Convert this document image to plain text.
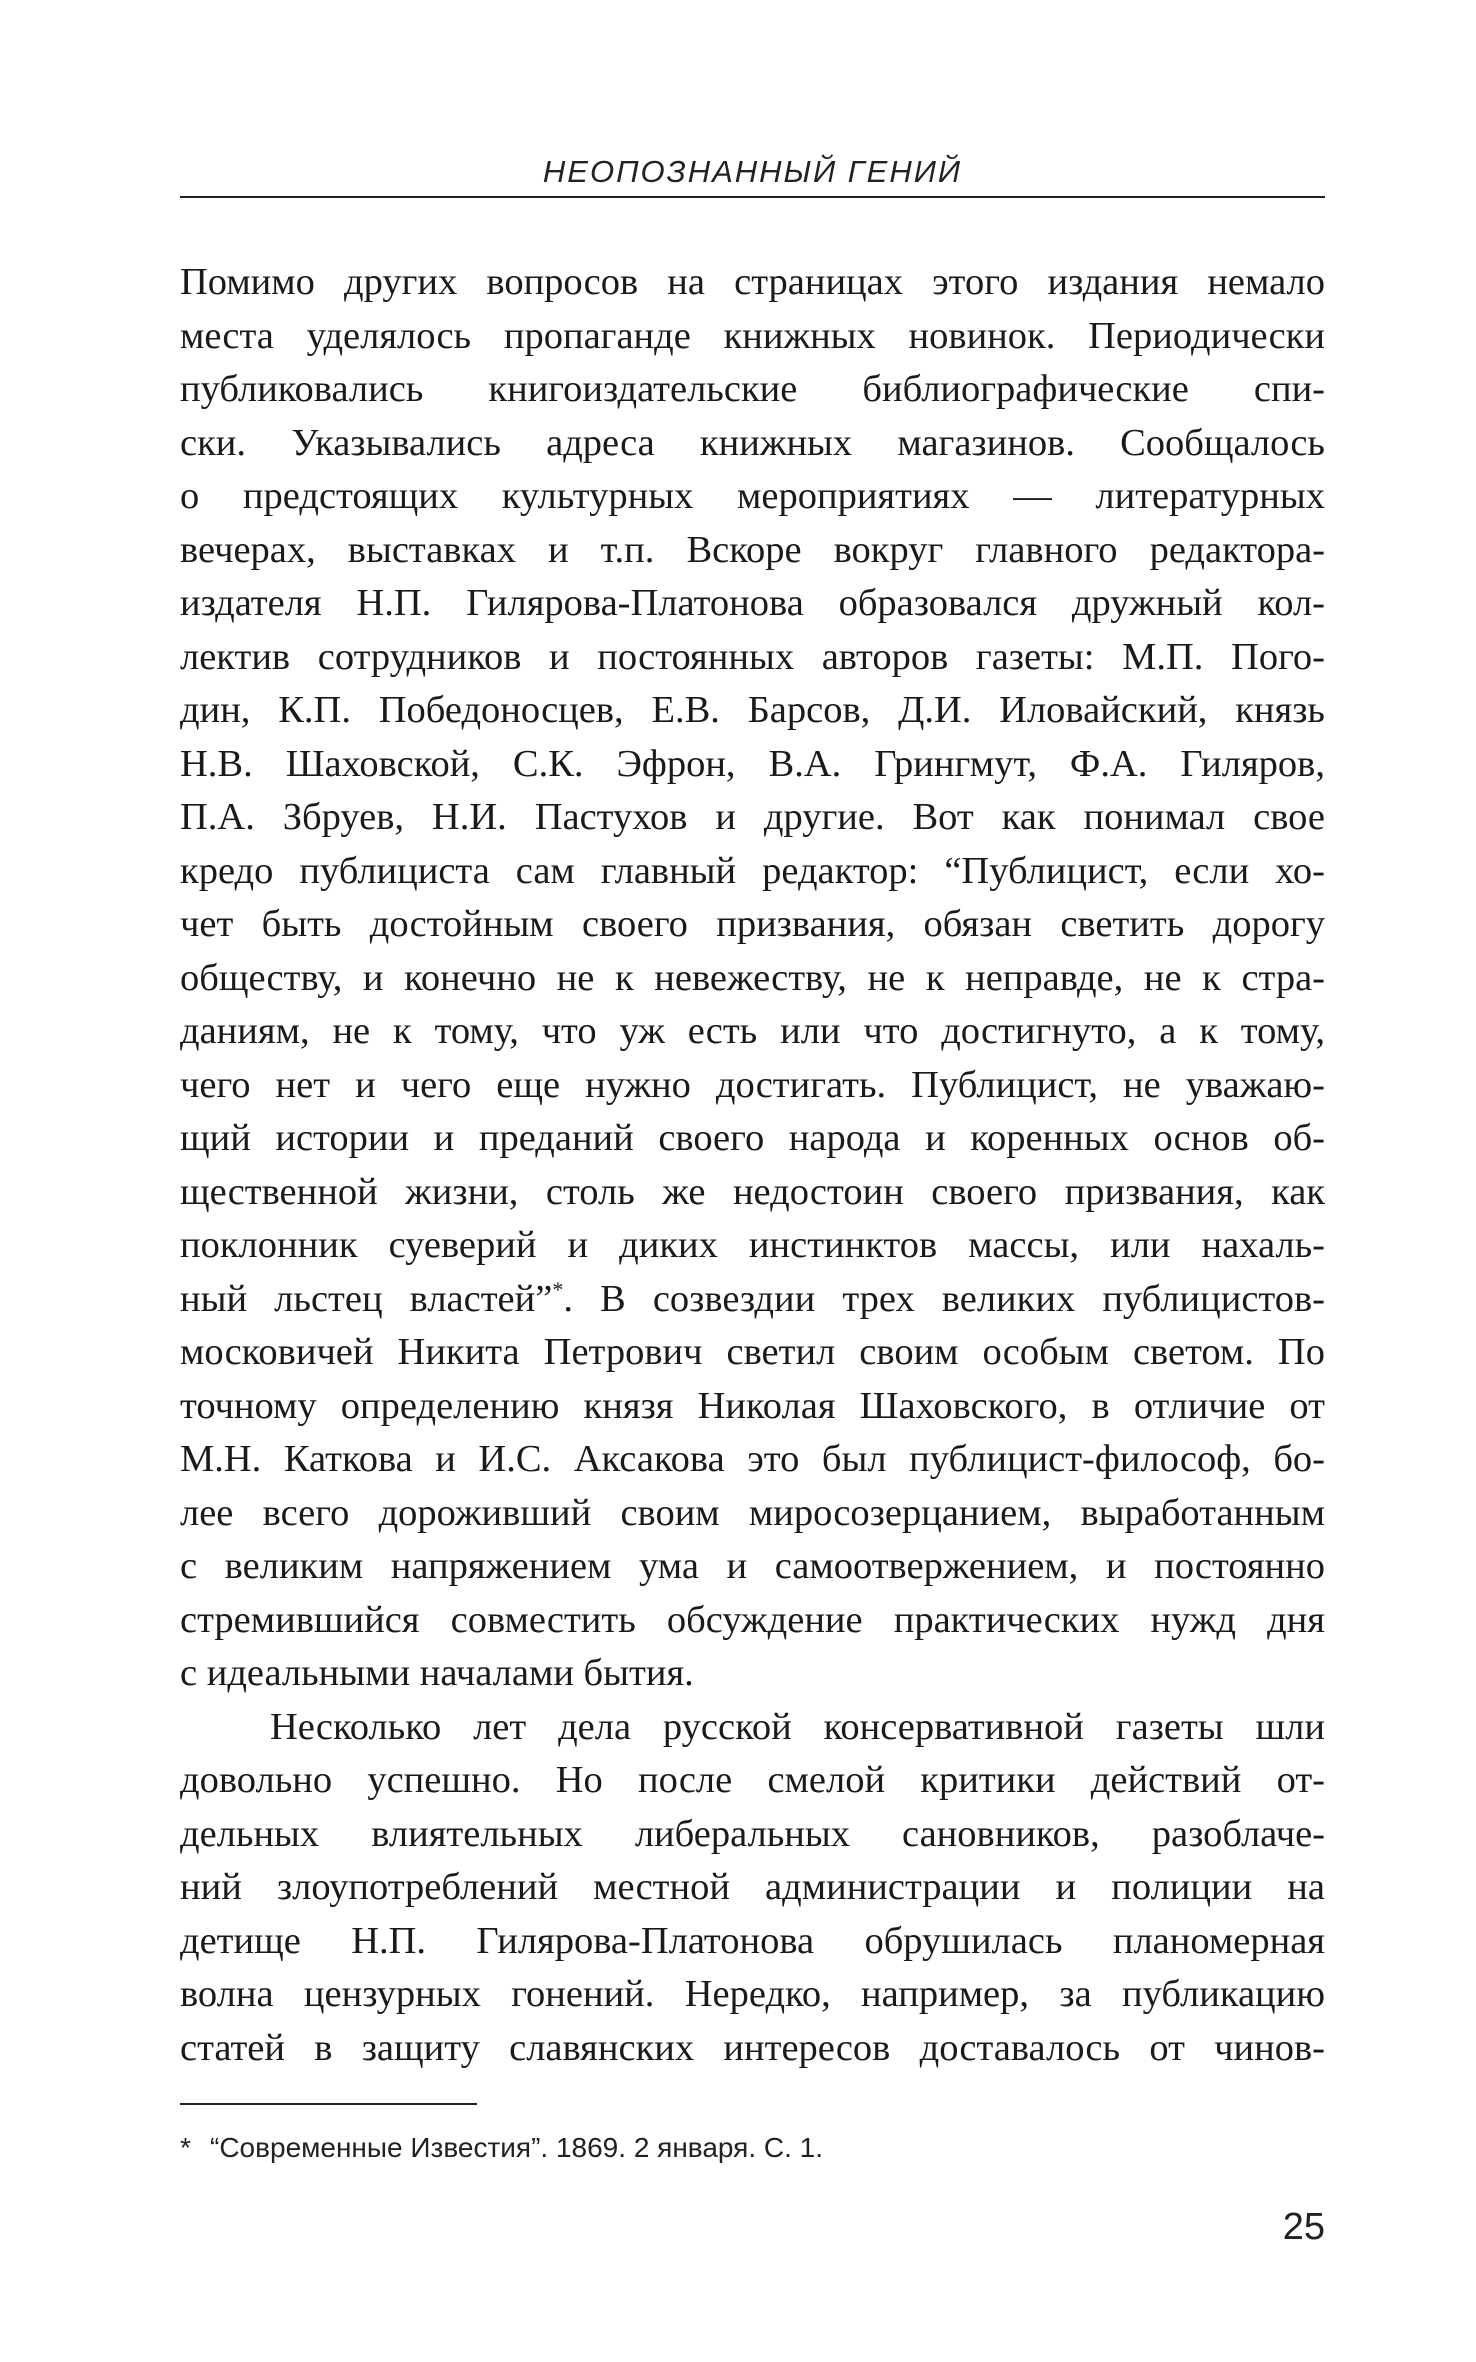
НЕОПОЗНАННЫЙ ГЕНИЙ
Помимо других вопросов на страницах этого издания немало
места уделялось пропаганде книжных новинок. Периодически
публиковались книгоиздательские библиографические спи-
ски. Указывались адреса книжных магазинов. Сообщалось
о предстоящих культурных мероприятиях — литературных
вечерах, выставках и т.п. Вскоре вокруг главного редактора-
издателя Н.П. Гилярова-Платонова образовался дружный кол-
лектив сотрудников и постоянных авторов газеты: М.П. Пого-
дин, К.П. Победоносцев, Е.В. Барсов, Д.И. Иловайский, князь
Н.В. Шаховской, С.К. Эфрон, В.А. Грингмут, Ф.А. Гиляров,
П.А. Збруев, Н.И. Пастухов и другие. Вот как понимал свое
кредо публициста сам главный редактор: “Публицист, если хо-
чет быть достойным своего призвания, обязан светить дорогу
обществу, и конечно не к невежеству, не к неправде, не к стра-
даниям, не к тому, что уж есть или что достигнуто, а к тому,
чего нет и чего еще нужно достигать. Публицист, не уважаю-
щий истории и преданий своего народа и коренных основ об-
щественной жизни, столь же недостоин своего призвания, как
поклонник суеверий и диких инстинктов массы, или нахаль-
ный льстец властей”*. В созвездии трех великих публицистов-
московичей Никита Петрович светил своим особым светом. По
точному определению князя Николая Шаховского, в отличие от
М.Н. Каткова и И.С. Аксакова это был публицист-философ, бо-
лее всего дороживший своим миросозерцанием, выработанным
с великим напряжением ума и самоотвержением, и постоянно
стремившийся совместить обсуждение практических нужд дня
с идеальными началами бытия.
Несколько лет дела русской консервативной газеты шли
довольно успешно. Но после смелой критики действий от-
дельных влиятельных либеральных сановников, разоблаче-
ний злоупотреблений местной администрации и полиции на
детище Н.П. Гилярова-Платонова обрушилась планомерная
волна цензурных гонений. Нередко, например, за публикацию
статей в защиту славянских интересов доставалось от чинов-
* “Современные Известия”. 1869. 2 января. С. 1.
25
